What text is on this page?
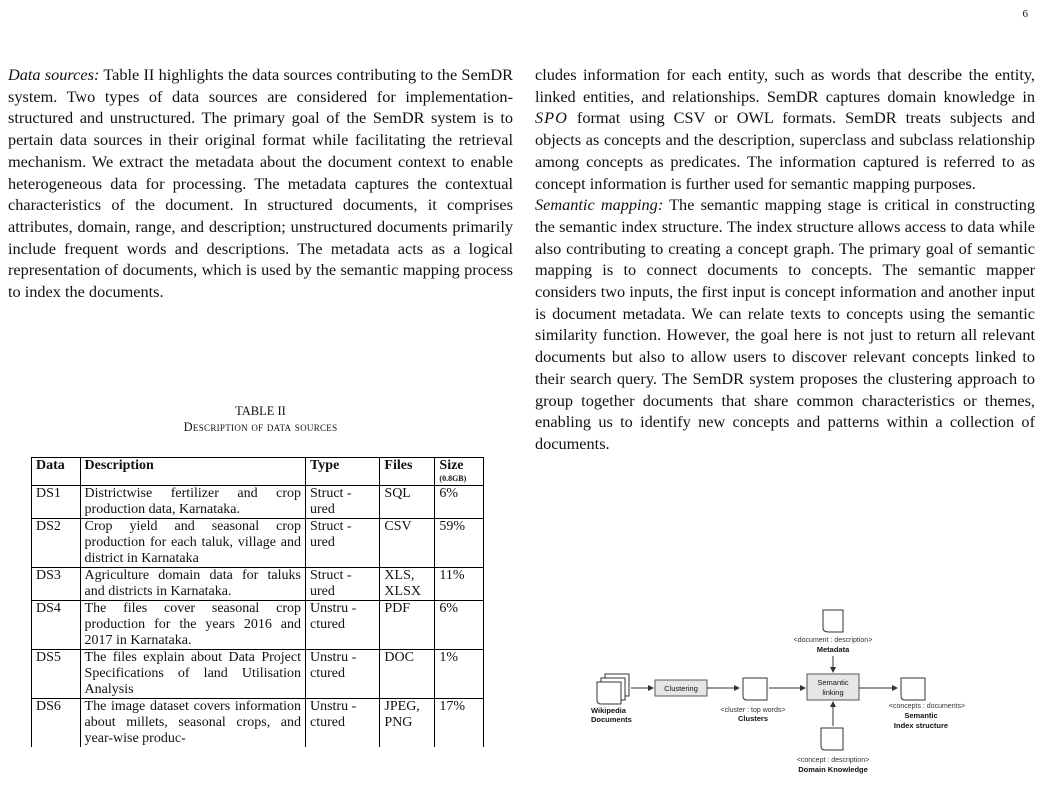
6

Data sources: Table II highlights the data sources contributing to the SemDR system. Two types of data sources are considered for implementation- structured and unstructured. The primary goal of the SemDR system is to pertain data sources in their original format while facilitating the retrieval mechanism. We extract the metadata about the document context to enable heterogeneous data for processing. The metadata captures the contextual characteristics of the document. In structured documents, it comprises attributes, domain, range, and description; unstructured documents primarily include frequent words and descriptions. The metadata acts as a logical representation of documents, which is used by the semantic mapping process to index the documents.

TABLE II
Description of data sources
Data	Description	Type	Files	Size
(0.8GB)

DS1	Districtwise fertilizer and crop production data, Karnataka.	Struct -ured	SQL	6%
DS2	Crop yield and seasonal crop production for each taluk, village and district in Karnataka	Struct -ured	CSV	59%
DS3	Agriculture domain data for taluks and districts in Karnataka.	Struct -ured	XLS, XLSX	11%
DS4	The files cover seasonal crop production for the years 2016 and 2017 in Karnataka.	Unstru -ctured	PDF	6%
DS5	The files explain about Data Project Specifications of land Utilisation Analysis	Unstru -ctured	DOC	1%
DS6	The image dataset covers information about millets, seasonal crops, and year-wise produc-	Unstru -ctured	JPEG, PNG	17%

cludes information for each entity, such as words that describe the entity, linked entities, and relationships. SemDR captures domain knowledge in SPO format using CSV or OWL formats. SemDR treats subjects and objects as concepts and the description, superclass and subclass relationship among concepts as predicates. The information captured is referred to as concept information is further used for semantic mapping purposes.

Semantic mapping: The semantic mapping stage is critical in constructing the semantic index structure. The index structure allows access to data while also contributing to creating a concept graph. The primary goal of semantic mapping is to connect documents to concepts. The semantic mapper considers two inputs, the first input is concept information and another input is document metadata. We can relate texts to concepts using the semantic similarity function. However, the goal here is not just to return all relevant documents but also to allow users to discover relevant concepts linked to their search query. The SemDR system proposes the clustering approach to group together documents that share common characteristics or themes, enabling us to identify new concepts and patterns within a collection of documents.

<document : description>
Metadata
Wikipedia
Documents
Clustering
<cluster : top words>
Clusters
Semantic
linking
<concepts : documents>
Semantic
Index structure
<concept : description>
Domain Knowledge
